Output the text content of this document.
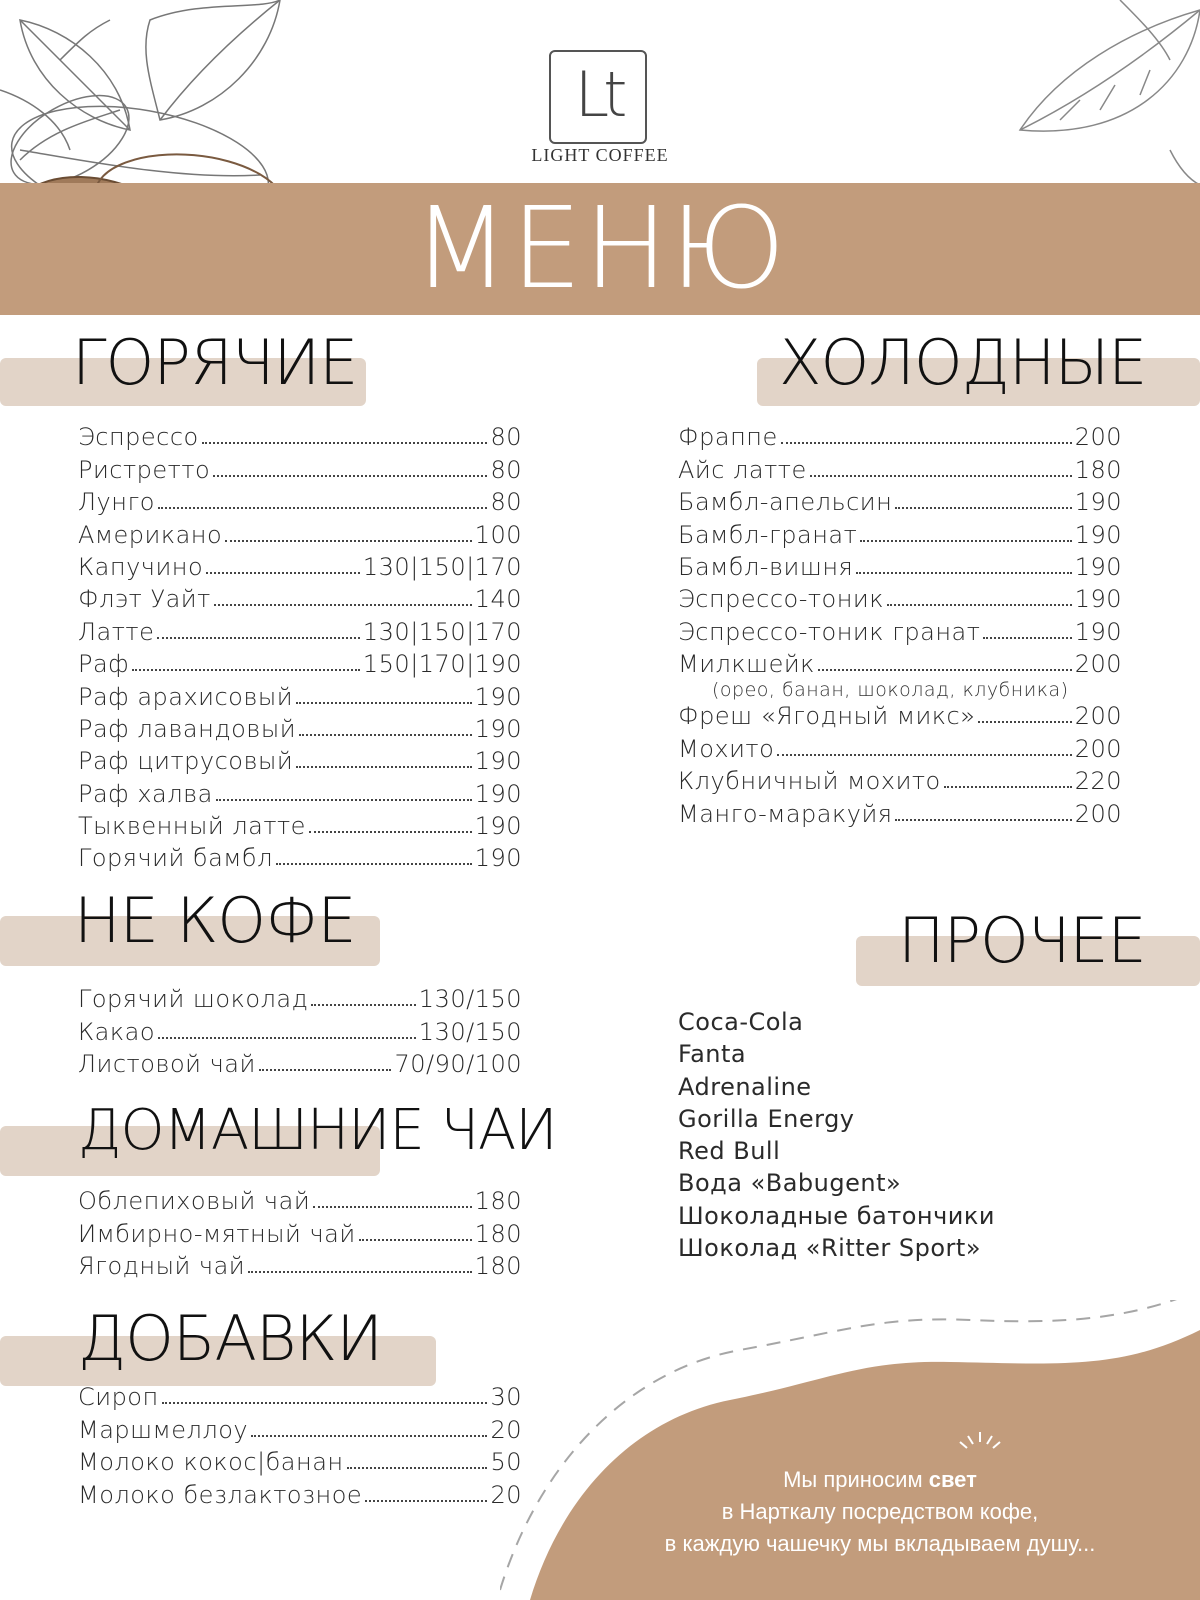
Lt
LIGHT COFFEE
МЕНЮ
ГОРЯЧИЕ
Эспрессо	80
Ристретто	80
Лунго	80
Американо	100
Капучино	130|150|170
Флэт Уайт	140
Латте	130|150|170
Раф	150|170|190
Раф арахисовый	190
Раф лавандовый	190
Раф цитрусовый	190
Раф халва	190
Тыквенный латте	190
Горячий бамбл	190
ХОЛОДНЫЕ
Фраппе	200
Айс латте	180
Бамбл-апельсин	190
Бамбл-гранат	190
Бамбл-вишня	190
Эспрессо-тоник	190
Эспрессо-тоник гранат	190
Милкшейк	200
(орео, банан, шоколад, клубника)
Фреш «Ягодный микс»	200
Мохито	200
Клубничный мохито	220
Манго-маракуйя	200
НЕ КОФЕ
Горячий шоколад	130/150
Какао	130/150
Листовой чай	70/90/100
ПРОЧЕЕ
Coca-Cola
Fanta
Adrenaline
Gorilla Energy
Red Bull
Вода «Babugent»
Шоколадные батончики
Шоколад «Ritter Sport»
ДОМАШНИЕ ЧАИ
Облепиховый чай	180
Имбирно-мятный чай	180
Ягодный чай	180
ДОБАВКИ
Сироп	30
Маршмеллоу	20
Молоко кокос|банан	50
Молоко безлактозное	20
Мы приносим свет
в Нарткалу посредством кофе,
в каждую чашечку мы вкладываем душу...
